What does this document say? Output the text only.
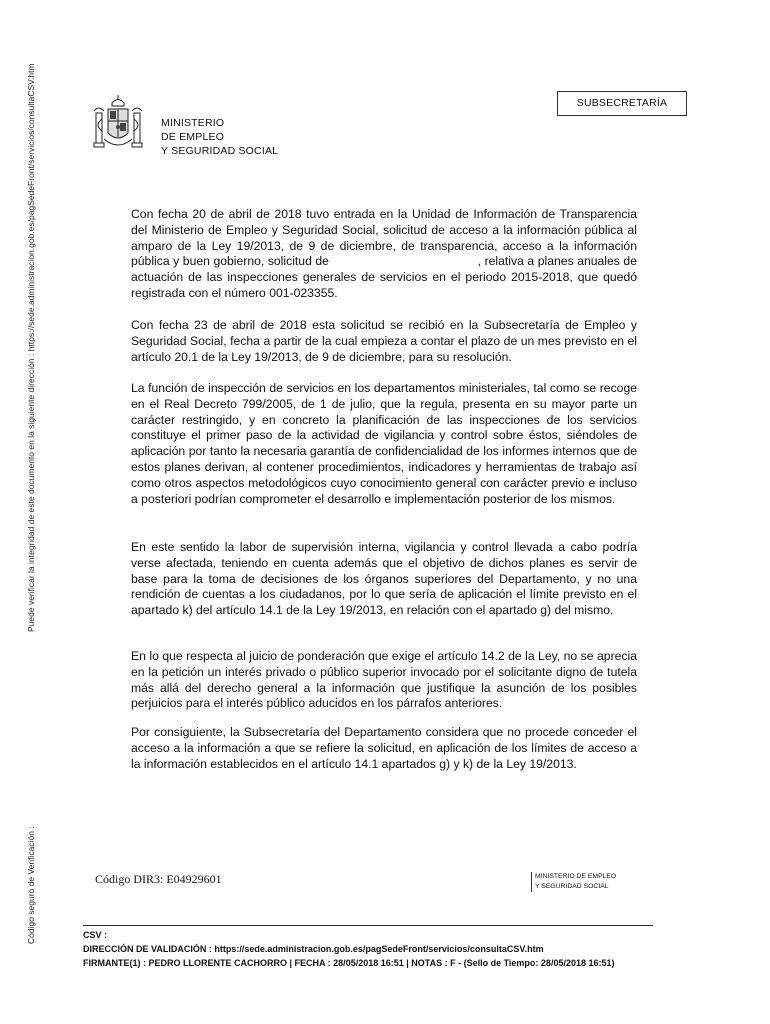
Puede verificar la integridad de este documento en la siguiente dirección : https://sede.administracion.gob.es/pagSedeFront/servicios/consultaCSV.htm
Código seguro de Verificación :
SUBSECRETARÍA
MINISTERIO
DE EMPLEO
Y SEGURIDAD SOCIAL

Con fecha 20 de abril de 2018 tuvo entrada en la Unidad de Información de Transparencia del Ministerio de Empleo y Seguridad Social, solicitud de acceso a la información pública al amparo de la Ley 19/2013, de 9 de diciembre, de transparencia, acceso a la información pública y buen gobierno, solicitud de                                          , relativa a planes anuales de actuación de las inspecciones generales de servicios en el periodo 2015-2018, que quedó registrada con el número 001-023355.

Con fecha 23 de abril de 2018 esta solicitud se recibió en la Subsecretaría de Empleo y Seguridad Social, fecha a partir de la cual empieza a contar el plazo de un mes previsto en el artículo 20.1 de la Ley 19/2013, de 9 de diciembre, para su resolución.

La función de inspección de servicios en los departamentos ministeriales, tal como se recoge en el Real Decreto 799/2005, de 1 de julio, que la regula, presenta en su mayor parte un carácter restringido, y en concreto la planificación de las inspecciones de los servicios constituye el primer paso de la actividad de vigilancia y control sobre éstos, siéndoles de aplicación por tanto la necesaria garantía de confidencialidad de los informes internos que de estos planes derivan, al contener procedimientos, indicadores y herramientas de trabajo así como otros aspectos metodológicos cuyo conocimiento general con carácter previo e incluso a posteriori podrían comprometer el desarrollo e implementación posterior de los mismos.

En este sentido la labor de supervisión interna, vigilancia y control llevada a cabo podría verse afectada, teniendo en cuenta además que el objetivo de dichos planes es servir de base para la toma de decisiones de los órganos superiores del Departamento, y no una rendición de cuentas a los ciudadanos, por lo que sería de aplicación el límite previsto en el apartado k) del artículo 14.1 de la Ley 19/2013, en relación con el apartado g) del mismo.

En lo que respecta al juicio de ponderación que exige el artículo 14.2 de la Ley, no se aprecia en la petición un interés privado o público superior invocado por el solicitante digno de tutela más allá del derecho general a la información que justifique la asunción de los posibles perjuicios para el interés público aducidos en los párrafos anteriores.

Por consiguiente, la Subsecretaría del Departamento considera que no procede conceder el acceso a la información a que se refiere la solicitud, en aplicación de los límites de acceso a la información establecidos en el artículo 14.1 apartados g) y k) de la Ley 19/2013.

Código DIR3: E04929601	MINISTERIO DE EMPLEO
Y SEGURIDAD SOCIAL
CSV :
DIRECCIÓN DE VALIDACIÓN : https://sede.administracion.gob.es/pagSedeFront/servicios/consultaCSV.htm
FIRMANTE(1) : PEDRO LLORENTE CACHORRO | FECHA : 28/05/2018 16:51 | NOTAS : F - (Sello de Tiempo: 28/05/2018 16:51)
